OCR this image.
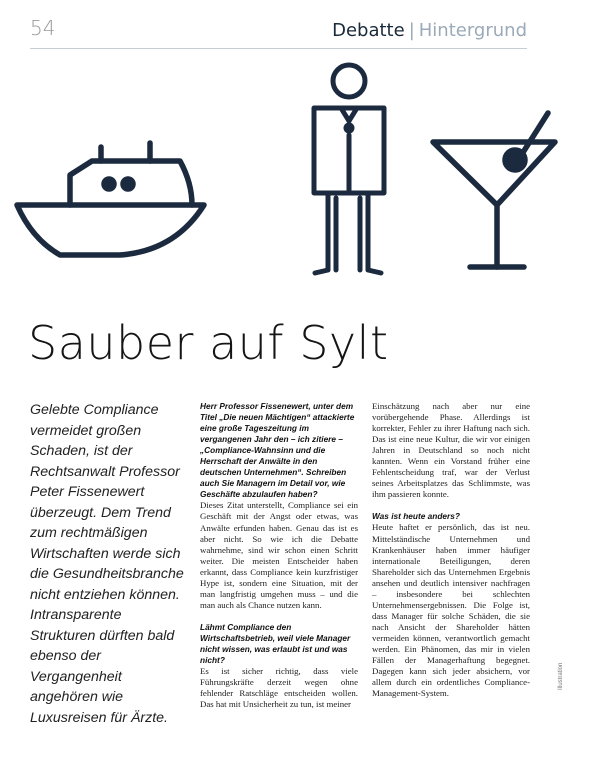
54	Debatte | Hintergrund
Sauber auf Sylt
Gelebte Compliance vermeidet großen Schaden, ist der Rechtsanwalt Professor Peter Fissenewert überzeugt. Dem Trend zum rechtmäßigen Wirtschaften werde sich die Gesundheitsbranche nicht entziehen können. Intransparente Strukturen dürften bald ebenso der Vergangenheit angehören wie Luxusreisen für Ärzte.

Herr Professor Fissenewert, unter dem Titel „Die neuen Mächtigen“ attackierte eine große Tageszeitung im vergangenen Jahr den – ich zitiere – „Compliance-Wahnsinn und die Herrschaft der Anwälte in den deutschen Unternehmen“. Schreiben auch Sie Managern im Detail vor, wie Geschäfte abzulaufen haben?

Dieses Zitat unterstellt, Compliance sei ein Geschäft mit der Angst oder etwas, was Anwälte erfunden haben. Genau das ist es aber nicht. So wie ich die Debatte wahrnehme, sind wir schon einen Schritt weiter. Die meisten Entscheider haben erkannt, dass Compliance kein kurzfristiger Hype ist, sondern eine Situation, mit der man langfristig umgehen muss – und die man auch als Chance nutzen kann.

Lähmt Compliance den Wirtschaftsbetrieb, weil viele Manager nicht wissen, was erlaubt ist und was nicht?

Es ist sicher richtig, dass viele Führungskräfte derzeit wegen ohne fehlender Ratschläge entscheiden wollen. Das hat mit Unsicherheit zu tun, ist meiner

Einschätzung nach aber nur eine vorübergehende Phase. Allerdings ist korrekter, Fehler zu ihrer Haftung nach sich. Das ist eine neue Kultur, die wir vor einigen Jahren in Deutschland so noch nicht kannten. Wenn ein Vorstand früher eine Fehlentscheidung traf, war der Verlust seines Arbeitsplatzes das Schlimmste, was ihm passieren konnte.

Was ist heute anders?

Heute haftet er persönlich, das ist neu. Mittelständische Unternehmen und Krankenhäuser haben immer häufiger internationale Beteiligungen, deren Shareholder sich das Unternehmen Ergebnis ansehen und deutlich intensiver nachfragen – insbesondere bei schlechten Unternehmensergebnissen. Die Folge ist, dass Manager für solche Schäden, die sie nach Ansicht der Shareholder hätten vermeiden können, verantwortlich gemacht werden. Ein Phänomen, das mir in vielen Fällen der Managerhaftung begegnet. Dagegen kann sich jeder absichern, vor allem durch ein ordentliches Compliance-Management-System.

Illustration
